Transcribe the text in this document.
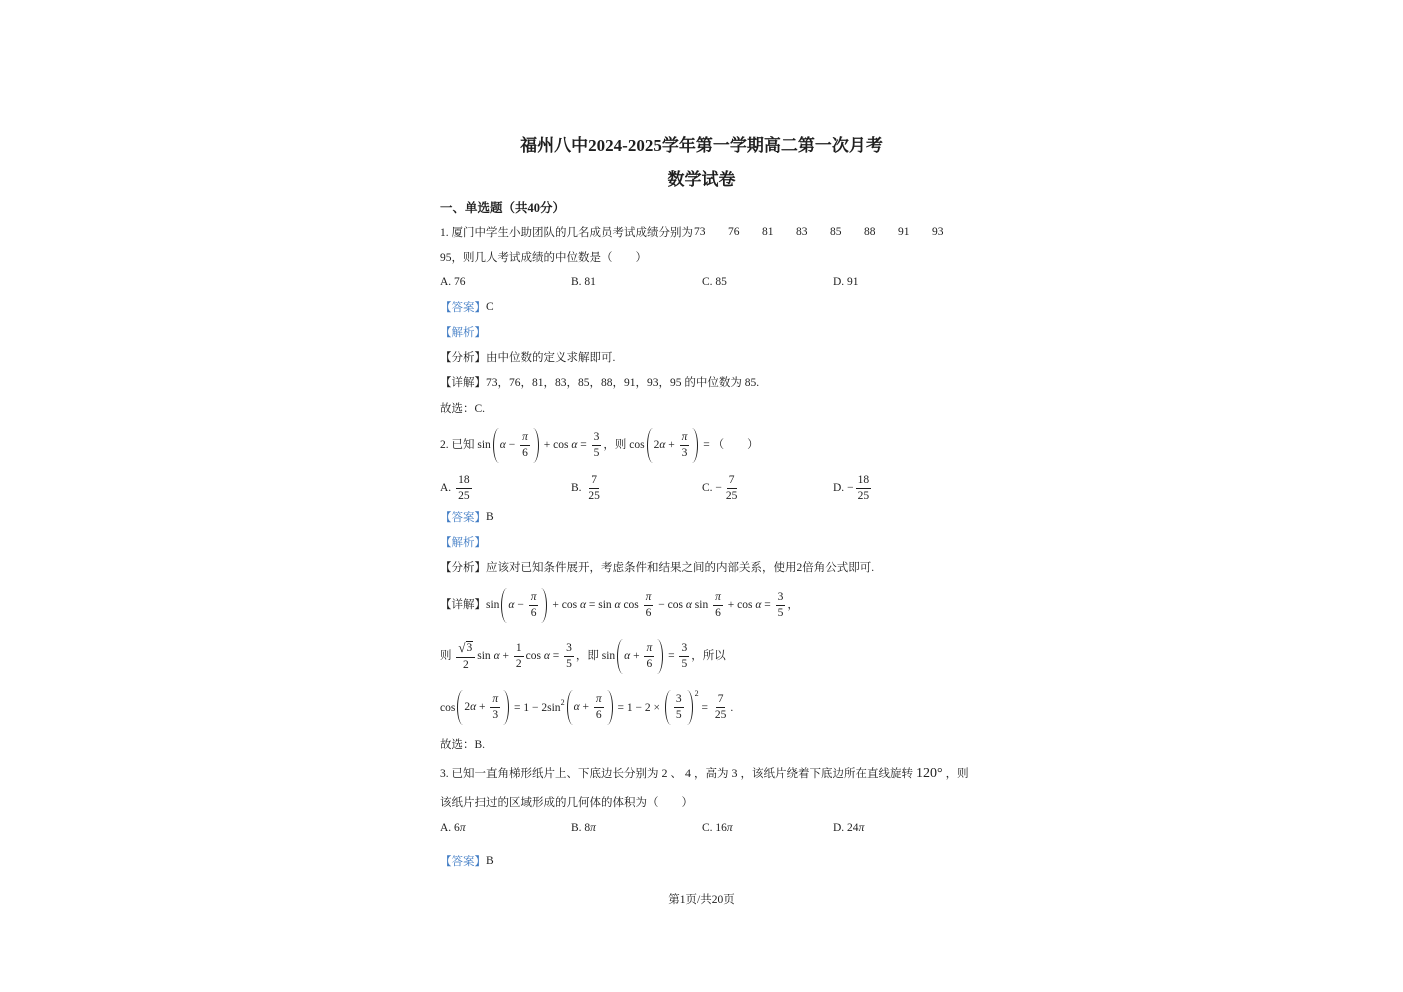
福州八中2024-2025学年第一学期高二第一次月考
数学试卷
一、单选题（共40分）
1. 厦门中学生小助团队的几名成员考试成绩分别为 73	76	81	83	85	88	91	93
95，则几人考试成绩的中位数是（　　）
A. 76	B. 81	C. 85	D. 91
【答案】 C
【解析】
【分析】 由中位数的定义求解即可.
【详解】 73，76，81，83，85，88，91，93，95 的中位数为 85.
故选：C.
2. 已知 $\sin \alpha - \frac{\pi}{6} + \cos \alpha = \frac{3}{5}$ ，则 $\cos 2\alpha + \frac{\pi}{3}$ = （　　）
A. $\frac{18}{25}$	B. $\frac{7}{25}$	C. − $\frac{7}{25}$	D. − $\frac{18}{25}$
【答案】 B
【解析】
【分析】 应该对已知条件展开，考虑条件和结果之间的内部关系，使用2倍角公式即可.
【详解】$\sin \alpha - \frac{\pi}{6} + \cos \alpha = \sin \alpha$ $\cos \frac{\pi}{6} - \cos \alpha$ $\sin \frac{\pi}{6} + \cos \alpha = \frac{3}{5}$ ，
则 $\frac{√ 3}{2}$ $\sin \alpha + \frac{1}{2}$ $\cos \alpha = \frac{3}{5}$ ，即 $\sin \alpha + \frac{\pi}{6} = \frac{3}{5}$ ，所以
$\cos 2\alpha + \frac{\pi}{3} = 1 - 2\sin^2$ $\alpha + \frac{\pi}{6} = 1 - 2 \times \frac{3}{5}$
$^2 = \frac{7}{25}$ .
故选：B.
3. 已知一直角梯形纸片上、下底边长分别为 2 、 4 ，高为 3 ，该纸片绕着下底边所在直线旋转 120° ，则
该纸片扫过的区域形成的几何体的体积为（　　）
A. 6π	B. 8π	C. 16π	D. 24π
【答案】 B
第1页/共20页
